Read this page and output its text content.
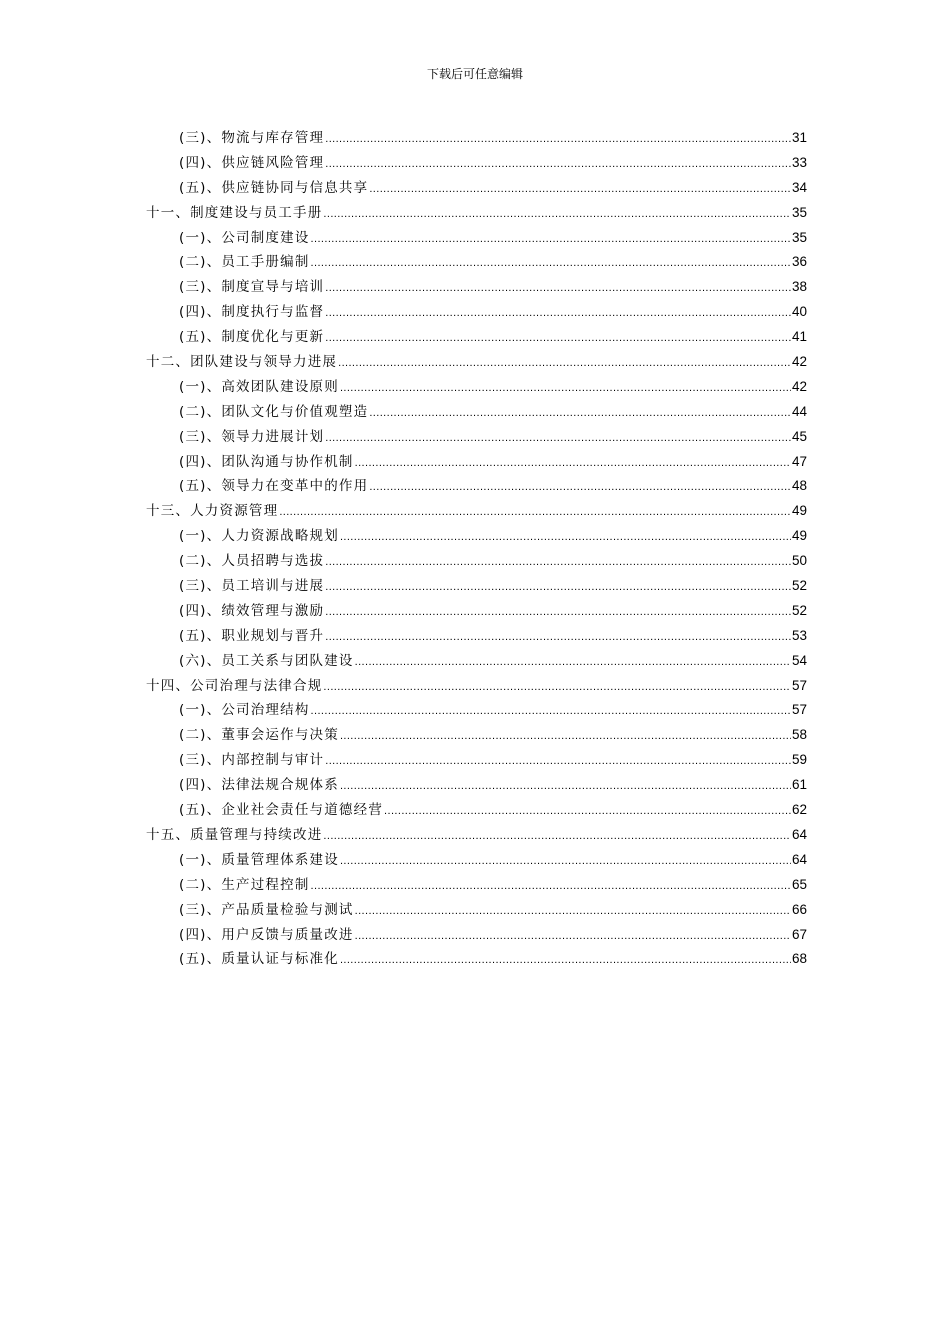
下载后可任意编辑
(三)、物流与库存管理 .....	31
(四)、供应链风险管理 .....	33
(五)、供应链协同与信息共享 .....	34
十一、制度建设与员工手册 .....	35
(一)、公司制度建设 .....	35
(二)、员工手册编制 .....	36
(三)、制度宣导与培训 .....	38
(四)、制度执行与监督 .....	40
(五)、制度优化与更新 .....	41
十二、团队建设与领导力进展 .....	42
(一)、高效团队建设原则 .....	42
(二)、团队文化与价值观塑造 .....	44
(三)、领导力进展计划 .....	45
(四)、团队沟通与协作机制 .....	47
(五)、领导力在变革中的作用 .....	48
十三、人力资源管理 .....	49
(一)、人力资源战略规划 .....	49
(二)、人员招聘与选拔 .....	50
(三)、员工培训与进展 .....	52
(四)、绩效管理与激励 .....	52
(五)、职业规划与晋升 .....	53
(六)、员工关系与团队建设 .....	54
十四、公司治理与法律合规 .....	57
(一)、公司治理结构 .....	57
(二)、董事会运作与决策 .....	58
(三)、内部控制与审计 .....	59
(四)、法律法规合规体系 .....	61
(五)、企业社会责任与道德经营 .....	62
十五、质量管理与持续改进 .....	64
(一)、质量管理体系建设 .....	64
(二)、生产过程控制 .....	65
(三)、产品质量检验与测试 .....	66
(四)、用户反馈与质量改进 .....	67
(五)、质量认证与标准化 .....	68
